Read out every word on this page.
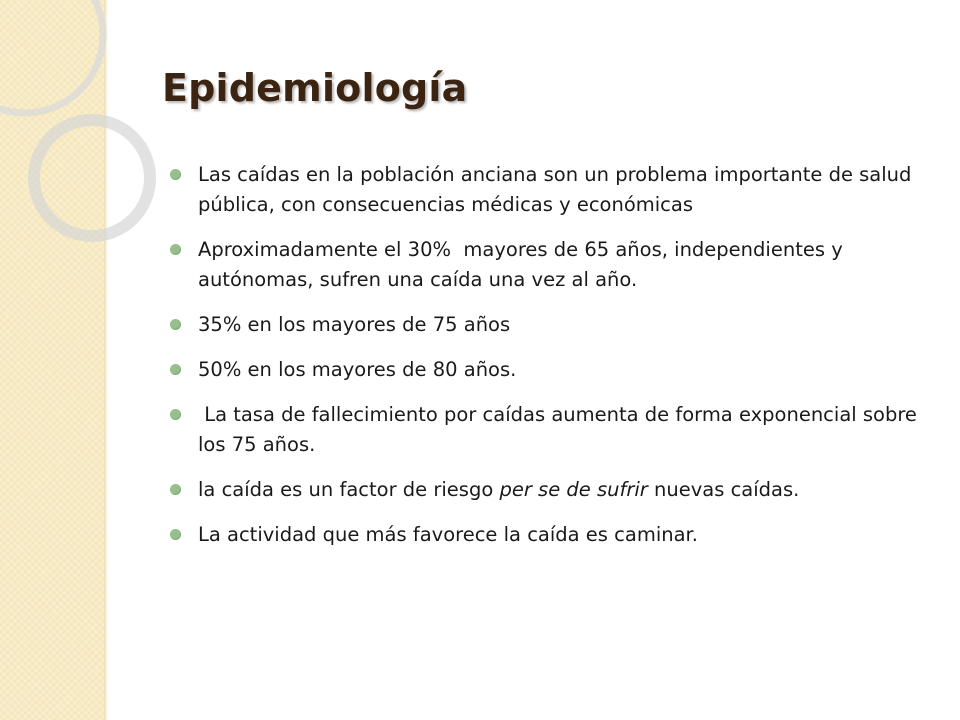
Epidemiología
Las caídas en la población anciana son un problema importante de salud pública, con consecuencias médicas y económicas
Aproximadamente el 30%  mayores de 65 años, independientes y autónomas, sufren una caída una vez al año.
35% en los mayores de 75 años
50% en los mayores de 80 años.
La tasa de fallecimiento por caídas aumenta de forma exponencial sobre los 75 años.
la caída es un factor de riesgo per se de sufrir nuevas caídas.
La actividad que más favorece la caída es caminar.
